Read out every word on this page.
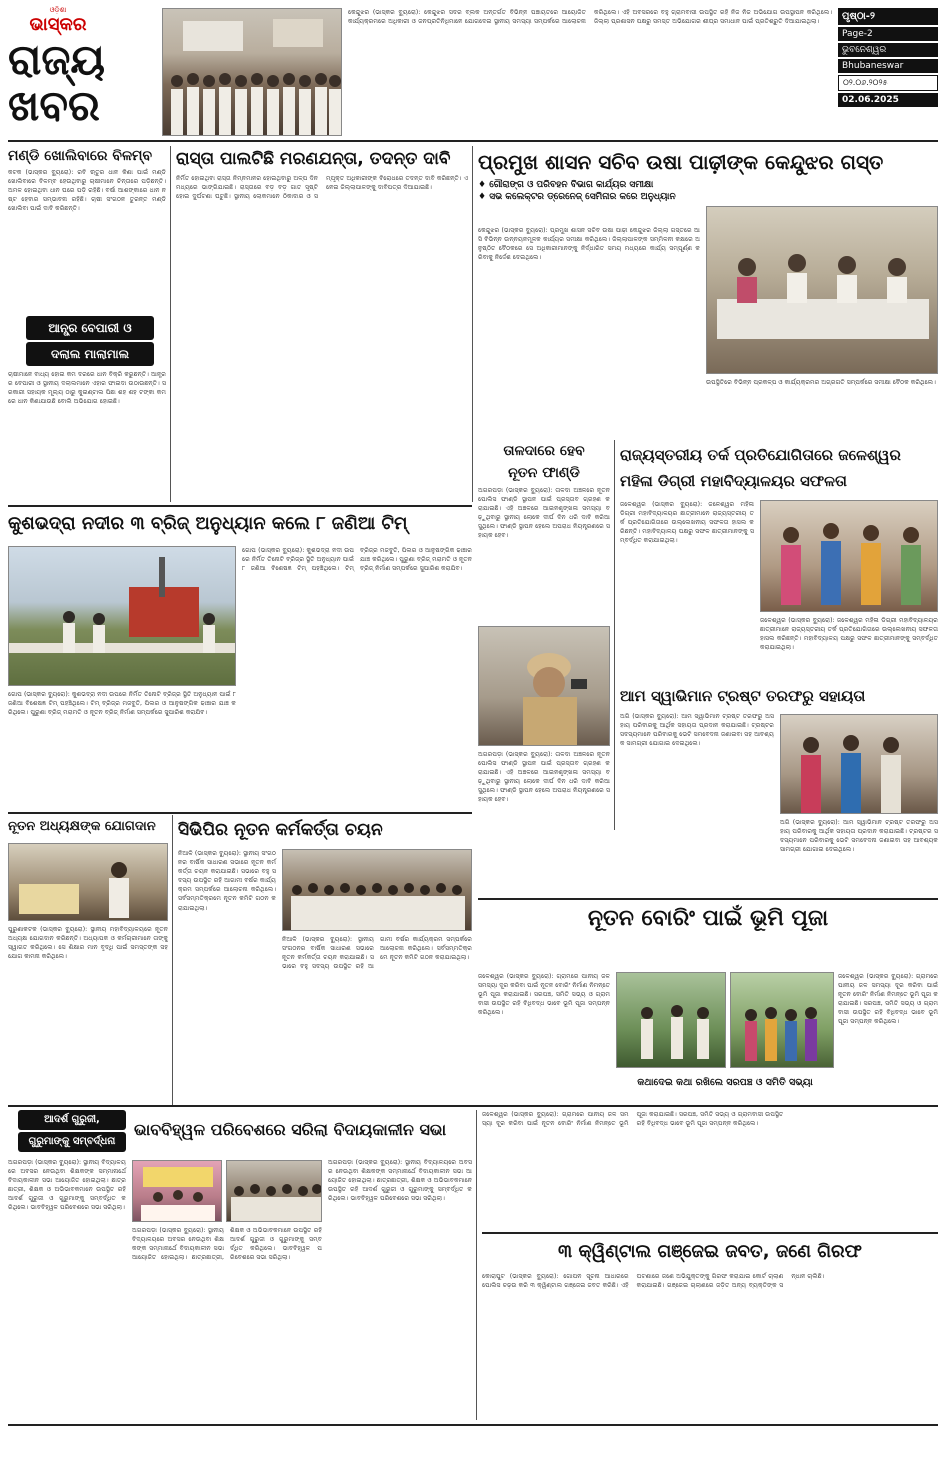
ଓଡ଼ିଶା
ଭାସ୍କର
ରାଜ୍ୟ
ଖବର
କେନ୍ଦୁଝର (ଭାସ୍କର ବ୍ୟୁରୋ): କେନ୍ଦୁଝର ସଦର ବ୍ଲକ ଅନ୍ତର୍ଗତ ବିଭିନ୍ନ ପଞ୍ଚାୟତରେ ଆୟୋଜିତ କାର୍ଯ୍ୟକ୍ରମରେ ଅଧିକାରୀ ଓ ଜନପ୍ରତିନିଧିମାନେ ଯୋଗଦେଇ ସ୍ଥାନୀୟ ସମସ୍ୟା ସମ୍ପର୍କରେ ଆଲୋଚନା କରିଥିଲେ। ଏହି ଅବସରରେ ବହୁ ଗ୍ରାମବାସୀ ଉପସ୍ଥିତ ରହି ନିଜ ନିଜ ଅଭିଯୋଗ ଉପସ୍ଥାପନ କରିଥିଲେ। ଜିଲ୍ଲା ପ୍ରଶାସନ ପକ୍ଷରୁ ସମସ୍ତ ଅଭିଯୋଗର ଶୀଘ୍ର ସମାଧାନ ପାଇଁ ପ୍ରତିଶ୍ରୁତି ଦିଆଯାଇଥିଲା।	ପୃଷ୍ଠା-୨
Page-2
ଭୁବନେଶ୍ୱର
Bhubaneswar
୦୨.୦୬.୨୦୨୫
02.06.2025
ମଣ୍ଡି ଖୋଲିବାରେ ବିଳମ୍ବ
କଟକ (ଭାସ୍କର ବ୍ୟୁରୋ): ରବି ଋତୁର ଧାନ କିଣା ପାଇଁ ମଣ୍ଡି ଖୋଲିବାରେ ବିଳମ୍ବ ହେଉଥିବାରୁ ଚାଷୀମାନେ ଚିନ୍ତାରେ ପଡ଼ିଛନ୍ତି। ଅମଳ ହୋଇଥିବା ଧାନ ଘରେ ପଡ଼ି ରହିଛି। ବର୍ଷା ଆଶଙ୍କାରେ ଧାନ ନଷ୍ଟ ହେବାର ସମ୍ଭାବନା ରହିଛି। ଚାଷୀ ସଂଗଠନ ତୁରନ୍ତ ମଣ୍ଡି ଖୋଲିବା ପାଇଁ ଦାବି କରିଛନ୍ତି।
ଆନ୍ଧ୍ର ବେପାରୀ ଓ
ଦଲାଲ ମାଲାମାଲ
ଚାଷୀମାନେ ବାଧ୍ୟ ହୋଇ କମ ଦରରେ ଧାନ ବିକ୍ରି କରୁଛନ୍ତି। ଆନ୍ଧ୍ରର ବେପାରୀ ଓ ସ୍ଥାନୀୟ ଦଲାଲମାନେ ଏହାର ଫାଇଦା ଉଠାଉଛନ୍ତି। ସରକାରୀ ସହାୟକ ମୂଲ୍ୟ ଠାରୁ କୁଇଣ୍ଟାଲ ପିଛା ଶହ ଶହ ଟଙ୍କା କମରେ ଧାନ କିଣାଯାଉଛି ବୋଲି ଅଭିଯୋଗ ହୋଇଛି।
ରାସ୍ତା ପାଲଟିଛି ମରଣଯନ୍ତା, ତଦନ୍ତ ଦାବି
ନିର୍ମିତ ହୋଇଥିବା ରାସ୍ତା ନିମ୍ନମାନର ହୋଇଥିବାରୁ ଅଳ୍ପ ଦିନ ମଧ୍ୟରେ ଭାଙ୍ଗିଯାଇଛି। ରାସ୍ତାରେ ବଡ଼ ବଡ଼ ଗାତ ସୃଷ୍ଟି ହୋଇ ଦୁର୍ଘଟଣା ଘଟୁଛି। ସ୍ଥାନୀୟ ଲୋକମାନେ ଠିକାଦାର ଓ ସମ୍ପୃକ୍ତ ଅଧିକାରୀଙ୍କ ବିରୋଧରେ ତଦନ୍ତ ଦାବି କରିଛନ୍ତି। ଏ ନେଇ ଜିଲ୍ଲାପାଳଙ୍କୁ ଦାବିପତ୍ର ଦିଆଯାଇଛି।
ପ୍ରମୁଖ ଶାସନ ସଚିବ ଉଷା ପାଢ଼ୀଙ୍କ କେନ୍ଦୁଝର ଗସ୍ତ
♦ ଗୌରାଙ୍ଗ ଓ ପରିବହନ ବିଭାଗ କାର୍ଯ୍ୟର ସମୀକ୍ଷା
♦ ସଭ କଲେକ୍ଟର ଡ୍ରେନେଜ୍ ସେମିନାର କରେ ଅନୁଧ୍ୟାନ
କେନ୍ଦୁଝର (ଭାସ୍କର ବ୍ୟୁରୋ): ପ୍ରମୁଖ ଶାସନ ସଚିବ ଉଷା ପାଢ଼ୀ କେନ୍ଦୁଝର ଜିଲ୍ଲା ଗସ୍ତରେ ଆସି ବିଭିନ୍ନ ଉନ୍ନୟନମୂଳକ କାର୍ଯ୍ୟର ସମୀକ୍ଷା କରିଥିଲେ। ଜିଲ୍ଲାପାଳଙ୍କ ସମ୍ମିଳନୀ କକ୍ଷରେ ଅନୁଷ୍ଠିତ ବୈଠକରେ ସେ ଅଧିକାରୀମାନଙ୍କୁ ନିର୍ଦ୍ଧାରିତ ସମୟ ମଧ୍ୟରେ କାର୍ଯ୍ୟ ସମ୍ପୂର୍ଣ୍ଣ କରିବାକୁ ନିର୍ଦ୍ଦେଶ ଦେଇଥିଲେ।
ଉପସ୍ଥିତିରେ ବିଭିନ୍ନ ପ୍ରକଳ୍ପ ଓ କାର୍ଯ୍ୟକ୍ରମର ଅଗ୍ରଗତି ସମ୍ପର୍କରେ ସମୀକ୍ଷା ବୈଠକ କରିଥିଲେ।
ତାଳଦାରେ ହେବ
ନୂତନ ଫାଣ୍ଡି
ଅଗରପଡ଼ା (ଭାସ୍କର ବ୍ୟୁରୋ): ତାଳଦା ଅଞ୍ଚଳରେ ନୂତନ ପୋଲିସ ଫାଣ୍ଡି ସ୍ଥାପନ ପାଇଁ ପ୍ରସ୍ତାବ ଗ୍ରହଣ କରାଯାଇଛି। ଏହି ଅଞ୍ଚଳରେ ଆଇନଶୃଙ୍ଖଳା ସମସ୍ୟା ବଢ଼ୁଥିବାରୁ ସ୍ଥାନୀୟ ଲୋକେ ଦୀର୍ଘ ଦିନ ଧରି ଦାବି କରିଆସୁଥିଲେ। ଫାଣ୍ଡି ସ୍ଥାପନ ହେଲେ ଅପରାଧ ନିୟନ୍ତ୍ରଣରେ ସହାୟକ ହେବ।
ଅଗରପଡ଼ା (ଭାସ୍କର ବ୍ୟୁରୋ): ତାଳଦା ଅଞ୍ଚଳରେ ନୂତନ ପୋଲିସ ଫାଣ୍ଡି ସ୍ଥାପନ ପାଇଁ ପ୍ରସ୍ତାବ ଗ୍ରହଣ କରାଯାଇଛି। ଏହି ଅଞ୍ଚଳରେ ଆଇନଶୃଙ୍ଖଳା ସମସ୍ୟା ବଢ଼ୁଥିବାରୁ ସ୍ଥାନୀୟ ଲୋକେ ଦୀର୍ଘ ଦିନ ଧରି ଦାବି କରିଆସୁଥିଲେ। ଫାଣ୍ଡି ସ୍ଥାପନ ହେଲେ ଅପରାଧ ନିୟନ୍ତ୍ରଣରେ ସହାୟକ ହେବ।
ରାଜ୍ୟସ୍ତରୀୟ ତର୍କ ପ୍ରତିଯୋଗିତାରେ ଜଳେଶ୍ୱର
ମହିଳା ଡିଗ୍ରୀ ମହାବିଦ୍ୟାଳୟର ସଫଳତା
ଜଳେଶ୍ୱର (ଭାସ୍କର ବ୍ୟୁରୋ): ଜଳେଶ୍ୱର ମହିଳା ଡିଗ୍ରୀ ମହାବିଦ୍ୟାଳୟର ଛାତ୍ରୀମାନେ ରାଜ୍ୟସ୍ତରୀୟ ତର୍କ ପ୍ରତିଯୋଗିତାରେ ଉଲ୍ଲେଖନୀୟ ସଫଳତା ହାସଲ କରିଛନ୍ତି। ମହାବିଦ୍ୟାଳୟ ପକ୍ଷରୁ ସଫଳ ଛାତ୍ରୀମାନଙ୍କୁ ସମ୍ବର୍ଦ୍ଧିତ କରାଯାଇଥିଲା।
ଜଳେଶ୍ୱର (ଭାସ୍କର ବ୍ୟୁରୋ): ଜଳେଶ୍ୱର ମହିଳା ଡିଗ୍ରୀ ମହାବିଦ୍ୟାଳୟର ଛାତ୍ରୀମାନେ ରାଜ୍ୟସ୍ତରୀୟ ତର୍କ ପ୍ରତିଯୋଗିତାରେ ଉଲ୍ଲେଖନୀୟ ସଫଳତା ହାସଲ କରିଛନ୍ତି। ମହାବିଦ୍ୟାଳୟ ପକ୍ଷରୁ ସଫଳ ଛାତ୍ରୀମାନଙ୍କୁ ସମ୍ବର୍ଦ୍ଧିତ କରାଯାଇଥିଲା।
ଆମ ସ୍ୱାଭିମାନ ଟ୍ରଷ୍ଟ ତରଫରୁ ସହାୟତା
ଅଗି (ଭାସ୍କର ବ୍ୟୁରୋ): ଆମ ସ୍ୱାଭିମାନ ଟ୍ରଷ୍ଟ ତରଫରୁ ଅସହାୟ ପରିବାରକୁ ଆର୍ଥିକ ସହାୟତା ପ୍ରଦାନ କରାଯାଇଛି। ଟ୍ରଷ୍ଟର ସଦସ୍ୟମାନେ ପରିବାରକୁ ଭେଟି ସମବେଦନା ଜଣାଇବା ସହ ଆବଶ୍ୟକ ସାମଗ୍ରୀ ଯୋଗାଇ ଦେଇଥିଲେ।
ଅଗି (ଭାସ୍କର ବ୍ୟୁରୋ): ଆମ ସ୍ୱାଭିମାନ ଟ୍ରଷ୍ଟ ତରଫରୁ ଅସହାୟ ପରିବାରକୁ ଆର୍ଥିକ ସହାୟତା ପ୍ରଦାନ କରାଯାଇଛି। ଟ୍ରଷ୍ଟର ସଦସ୍ୟମାନେ ପରିବାରକୁ ଭେଟି ସମବେଦନା ଜଣାଇବା ସହ ଆବଶ୍ୟକ ସାମଗ୍ରୀ ଯୋଗାଇ ଦେଇଥିଲେ।
କୁଶଭଦ୍ରା ନଦୀର ୩ ବ୍ରିଜ୍ ଅନୁଧ୍ୟାନ କଲେ ୮ ଜଣିଆ ଟିମ୍
ଗୋପ (ଭାସ୍କର ବ୍ୟୁରୋ): କୁଶଭଦ୍ରା ନଦୀ ଉପରେ ନିର୍ମିତ ତିନୋଟି ବ୍ରିଜ୍‌ର ସ୍ଥିତି ଅନୁଧ୍ୟାନ ପାଇଁ ୮ ଜଣିଆ ବିଶେଷଜ୍ଞ ଟିମ୍ ପହଞ୍ଚିଥିଲେ। ଟିମ୍ ବ୍ରିଜ୍‌ର ମଜବୁତି, ପିଲର ଓ ଆନୁଷଙ୍ଗିକ ଢାଞ୍ଚାର ଯାଞ୍ଚ କରିଥିଲେ। ପୁରୁଣା ବ୍ରିଜ୍ ମରାମତି ଓ ନୂତନ ବ୍ରିଜ୍ ନିର୍ମାଣ ସମ୍ପର୍କରେ ସୁପାରିଶ କରାଯିବ।
ଗୋପ (ଭାସ୍କର ବ୍ୟୁରୋ): କୁଶଭଦ୍ରା ନଦୀ ଉପରେ ନିର୍ମିତ ତିନୋଟି ବ୍ରିଜ୍‌ର ସ୍ଥିତି ଅନୁଧ୍ୟାନ ପାଇଁ ୮ ଜଣିଆ ବିଶେଷଜ୍ଞ ଟିମ୍ ପହଞ୍ଚିଥିଲେ। ଟିମ୍ ବ୍ରିଜ୍‌ର ମଜବୁତି, ପିଲର ଓ ଆନୁଷଙ୍ଗିକ ଢାଞ୍ଚାର ଯାଞ୍ଚ କରିଥିଲେ। ପୁରୁଣା ବ୍ରିଜ୍ ମରାମତି ଓ ନୂତନ ବ୍ରିଜ୍ ନିର୍ମାଣ ସମ୍ପର୍କରେ ସୁପାରିଶ କରାଯିବ।
ନୂତନ ଅଧ୍ୟକ୍ଷଙ୍କ ଯୋଗଦାନ
ପୁରୁଣାକଟକ (ଭାସ୍କର ବ୍ୟୁରୋ): ସ୍ଥାନୀୟ ମହାବିଦ୍ୟାଳୟରେ ନୂତନ ଅଧ୍ୟକ୍ଷ ଯୋଗଦାନ କରିଛନ୍ତି। ଅଧ୍ୟାପକ ଓ କର୍ମଚାରୀମାନେ ତାଙ୍କୁ ସ୍ୱାଗତ କରିଥିଲେ। ସେ ଶିକ୍ଷାର ମାନ ବୃଦ୍ଧି ପାଇଁ ସମସ୍ତଙ୍କ ସହଯୋଗ କାମନା କରିଥିଲେ।
ସିଭିପିର ନୂତନ କର୍ମକର୍ତ୍ତା ଚୟନ
ନିଆଳି (ଭାସ୍କର ବ୍ୟୁରୋ): ସ୍ଥାନୀୟ ସଂଗଠନର ବାର୍ଷିକ ସାଧାରଣ ସଭାରେ ନୂତନ କର୍ମକର୍ତ୍ତା ଚୟନ କରାଯାଇଛି। ସଭାରେ ବହୁ ସଦସ୍ୟ ଉପସ୍ଥିତ ରହି ଆଗାମୀ ବର୍ଷର କାର୍ଯ୍ୟକ୍ରମ ସମ୍ପର୍କରେ ଆଲୋଚନା କରିଥିଲେ। ସର୍ବସମ୍ମତିକ୍ରମେ ନୂତନ କମିଟି ଗଠନ କରାଯାଇଥିଲା।
ନିଆଳି (ଭାସ୍କର ବ୍ୟୁରୋ): ସ୍ଥାନୀୟ ସଂଗଠନର ବାର୍ଷିକ ସାଧାରଣ ସଭାରେ ନୂତନ କର୍ମକର୍ତ୍ତା ଚୟନ କରାଯାଇଛି। ସଭାରେ ବହୁ ସଦସ୍ୟ ଉପସ୍ଥିତ ରହି ଆଗାମୀ ବର୍ଷର କାର୍ଯ୍ୟକ୍ରମ ସମ୍ପର୍କରେ ଆଲୋଚନା କରିଥିଲେ। ସର୍ବସମ୍ମତିକ୍ରମେ ନୂତନ କମିଟି ଗଠନ କରାଯାଇଥିଲା।
ନୂତନ ବୋରିଂ ପାଇଁ ଭୂମି ପୂଜା
ଜଳେଶ୍ୱର (ଭାସ୍କର ବ୍ୟୁରୋ): ଗ୍ରାମରେ ପାନୀୟ ଜଳ ସମସ୍ୟା ଦୂର କରିବା ପାଇଁ ନୂତନ ବୋରିଂ ନିର୍ମାଣ ନିମନ୍ତେ ଭୂମି ପୂଜା କରାଯାଇଛି। ସରପଞ୍ଚ, ସମିତି ସଭ୍ୟ ଓ ଗ୍ରାମବାସୀ ଉପସ୍ଥିତ ରହି ବିଧିବଦ୍ଧ ଭାବେ ଭୂମି ପୂଜା ସମ୍ପନ୍ନ କରିଥିଲେ।
ଜଳେଶ୍ୱର (ଭାସ୍କର ବ୍ୟୁରୋ): ଗ୍ରାମରେ ପାନୀୟ ଜଳ ସମସ୍ୟା ଦୂର କରିବା ପାଇଁ ନୂତନ ବୋରିଂ ନିର୍ମାଣ ନିମନ୍ତେ ଭୂମି ପୂଜା କରାଯାଇଛି। ସରପଞ୍ଚ, ସମିତି ସଭ୍ୟ ଓ ଗ୍ରାମବାସୀ ଉପସ୍ଥିତ ରହି ବିଧିବଦ୍ଧ ଭାବେ ଭୂମି ପୂଜା ସମ୍ପନ୍ନ କରିଥିଲେ।
କଥାଦେଇ କଥା ରଖିଲେ ସରପଞ୍ଚ ଓ ସମିତି ସଭ୍ୟା
ଆଦର୍ଶ ଗୁରୁଜୀ,
ଗୁରୁମାଙ୍କୁ ସମ୍ବର୍ଦ୍ଧନା
ଭାବବିହ୍ୱଳ ପରିବେଶରେ ସରିଲା ବିଦାୟକାଳୀନ ସଭା
ଅଗରପଡ଼ା (ଭାସ୍କର ବ୍ୟୁରୋ): ସ୍ଥାନୀୟ ବିଦ୍ୟାଳୟରେ ଅବସର ନେଉଥିବା ଶିକ୍ଷକଙ୍କ ସମ୍ମାନାର୍ଥେ ବିଦାୟକାଳୀନ ସଭା ଆୟୋଜିତ ହୋଇଥିଲା। ଛାତ୍ରଛାତ୍ରୀ, ଶିକ୍ଷକ ଓ ଅଭିଭାବକମାନେ ଉପସ୍ଥିତ ରହି ଆଦର୍ଶ ଗୁରୁଜୀ ଓ ଗୁରୁମାଙ୍କୁ ସମ୍ବର୍ଦ୍ଧିତ କରିଥିଲେ। ଭାବବିହ୍ୱଳ ପରିବେଶରେ ସଭା ସରିଥିଲା।
ଅଗରପଡ଼ା (ଭାସ୍କର ବ୍ୟୁରୋ): ସ୍ଥାନୀୟ ବିଦ୍ୟାଳୟରେ ଅବସର ନେଉଥିବା ଶିକ୍ଷକଙ୍କ ସମ୍ମାନାର୍ଥେ ବିଦାୟକାଳୀନ ସଭା ଆୟୋଜିତ ହୋଇଥିଲା। ଛାତ୍ରଛାତ୍ରୀ, ଶିକ୍ଷକ ଓ ଅଭିଭାବକମାନେ ଉପସ୍ଥିତ ରହି ଆଦର୍ଶ ଗୁରୁଜୀ ଓ ଗୁରୁମାଙ୍କୁ ସମ୍ବର୍ଦ୍ଧିତ କରିଥିଲେ। ଭାବବିହ୍ୱଳ ପରିବେଶରେ ସଭା ସରିଥିଲା।
ଅଗରପଡ଼ା (ଭାସ୍କର ବ୍ୟୁରୋ): ସ୍ଥାନୀୟ ବିଦ୍ୟାଳୟରେ ଅବସର ନେଉଥିବା ଶିକ୍ଷକଙ୍କ ସମ୍ମାନାର୍ଥେ ବିଦାୟକାଳୀନ ସଭା ଆୟୋଜିତ ହୋଇଥିଲା। ଛାତ୍ରଛାତ୍ରୀ, ଶିକ୍ଷକ ଓ ଅଭିଭାବକମାନେ ଉପସ୍ଥିତ ରହି ଆଦର୍ଶ ଗୁରୁଜୀ ଓ ଗୁରୁମାଙ୍କୁ ସମ୍ବର୍ଦ୍ଧିତ କରିଥିଲେ। ଭାବବିହ୍ୱଳ ପରିବେଶରେ ସଭା ସରିଥିଲା।
ଜଳେଶ୍ୱର (ଭାସ୍କର ବ୍ୟୁରୋ): ଗ୍ରାମରେ ପାନୀୟ ଜଳ ସମସ୍ୟା ଦୂର କରିବା ପାଇଁ ନୂତନ ବୋରିଂ ନିର୍ମାଣ ନିମନ୍ତେ ଭୂମି ପୂଜା କରାଯାଇଛି। ସରପଞ୍ଚ, ସମିତି ସଭ୍ୟ ଓ ଗ୍ରାମବାସୀ ଉପସ୍ଥିତ ରହି ବିଧିବଦ୍ଧ ଭାବେ ଭୂମି ପୂଜା ସମ୍ପନ୍ନ କରିଥିଲେ।
୩ କ୍ୱିଣ୍ଟାଲ ଗଞ୍ଜେଇ ଜବତ, ଜଣେ ଗିରଫ
କୋରାପୁଟ (ଭାସ୍କର ବ୍ୟୁରୋ): ଗୋପନ ସୂଚନା ଆଧାରରେ ପୋଲିସ ଚଢ଼ଉ କରି ୩ କ୍ୱିଣ୍ଟାଲ ଗଞ୍ଜେଇ ଜବତ କରିଛି। ଏହି ଘଟଣାରେ ଜଣେ ଅଭିଯୁକ୍ତଙ୍କୁ ଗିରଫ କରାଯାଇ କୋର୍ଟ ଚାଲାଣ କରାଯାଇଛି। ଗଞ୍ଜେଇ ଚାଲାଣରେ ଜଡ଼ିତ ଅନ୍ୟ ବ୍ୟକ୍ତିଙ୍କ ସନ୍ଧାନ ଚାଲିଛି।
